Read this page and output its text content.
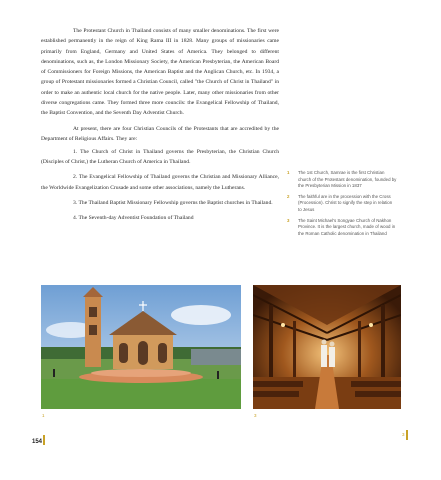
The Protestant Church in Thailand consists of many smaller denominations. The first were established permanently in the reign of King Rama III in 1828. Many groups of missionaries came primarily from England, Germany and United States of America. They belonged to different denominations, such as, the London Missionary Society, the American Presbyterian, the American Board of Commissioners for Foreign Missions, the American Baptist and the Anglican Church, etc. In 1934, a group of Protestant missionaries formed a Christian Council, called "the Church of Christ in Thailand" in order to make an authentic local church for the native people. Later, many other missionaries from other diverse congregations came. They formed three more councils: the Evangelical Fellowship of Thailand, the Baptist Convention, and the Seventh Day Adventist Church.

At present, there are four Christian Councils of the Protestants that are accredited by the Department of Religious Affairs. They are:

1. The Church of Christ in Thailand governs the Presbyterian, the Christian Church (Disciples of Christ,) the Lutheran Church of America in Thailand.

2. The Evangelical Fellowship of Thailand governs the Christian and Missionary Alliance, the Worldwide Evangelization Crusade and some other associations, namely the Lutherans.

3. The Thailand Baptist Missionary Fellowship governs the Baptist churches in Thailand.

4. The Seventh-day Adventist Foundation of Thailand

1	The 1st Church, Samrae is the first Christian church of the Protestant denomination, founded by the Presbyterian Mission in 1837
2	The faithful are in the procession with the Cross (Procession). Christ to signify the step in relation to Jesus
3	The Saint Michael's Songyae Church of Nakhon Province. It is the largest church, made of wood in the Roman Catholic denomination in Thailand
1	3
154
3
